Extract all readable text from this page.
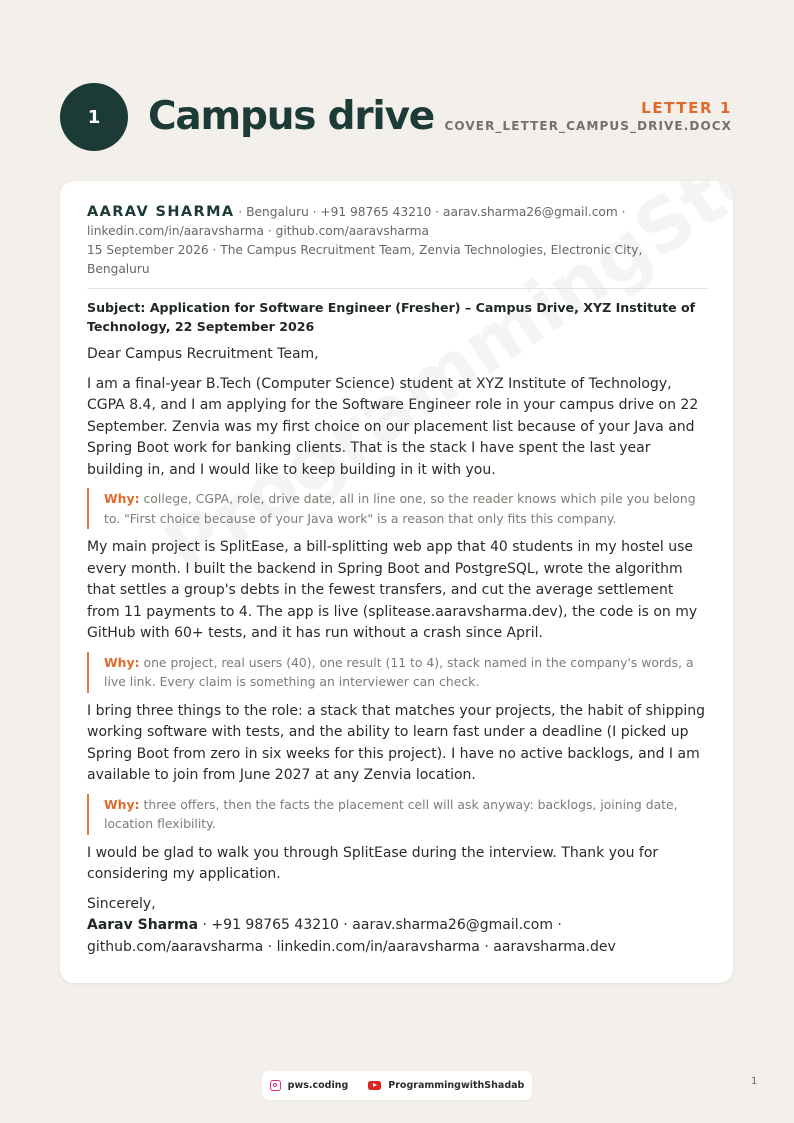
1 Campus drive	LETTER 1
COVER_LETTER_CAMPUS_DRIVE.DOCX
AARAV SHARMA · Bengaluru · +91 98765 43210 · aarav.sharma26@gmail.com ·
linkedin.com/in/aaravsharma · github.com/aaravsharma
15 September 2026 · The Campus Recruitment Team, Zenvia Technologies, Electronic City, Bengaluru
Subject: Application for Software Engineer (Fresher) – Campus Drive, XYZ Institute of Technology, 22 September 2026
Dear Campus Recruitment Team,
I am a final-year B.Tech (Computer Science) student at XYZ Institute of Technology, CGPA 8.4, and I am applying for the Software Engineer role in your campus drive on 22 September. Zenvia was my first choice on our placement list because of your Java and Spring Boot work for banking clients. That is the stack I have spent the last year building in, and I would like to keep building in it with you.
Why: college, CGPA, role, drive date, all in line one, so the reader knows which pile you belong to. "First choice because of your Java work" is a reason that only fits this company.
My main project is SplitEase, a bill-splitting web app that 40 students in my hostel use every month. I built the backend in Spring Boot and PostgreSQL, wrote the algorithm that settles a group's debts in the fewest transfers, and cut the average settlement from 11 payments to 4. The app is live (splitease.aaravsharma.dev), the code is on my GitHub with 60+ tests, and it has run without a crash since April.
Why: one project, real users (40), one result (11 to 4), stack named in the company's words, a live link. Every claim is something an interviewer can check.
I bring three things to the role: a stack that matches your projects, the habit of shipping working software with tests, and the ability to learn fast under a deadline (I picked up Spring Boot from zero in six weeks for this project). I have no active backlogs, and I am available to join from June 2027 at any Zenvia location.
Why: three offers, then the facts the placement cell will ask anyway: backlogs, joining date, location flexibility.
I would be glad to walk you through SplitEase during the interview. Thank you for considering my application.
Sincerely,
Aarav Sharma · +91 98765 43210 · aarav.sharma26@gmail.com · github.com/aaravsharma · linkedin.com/in/aaravsharma · aaravsharma.dev
pws.coding	ProgrammingwithShadab	1
